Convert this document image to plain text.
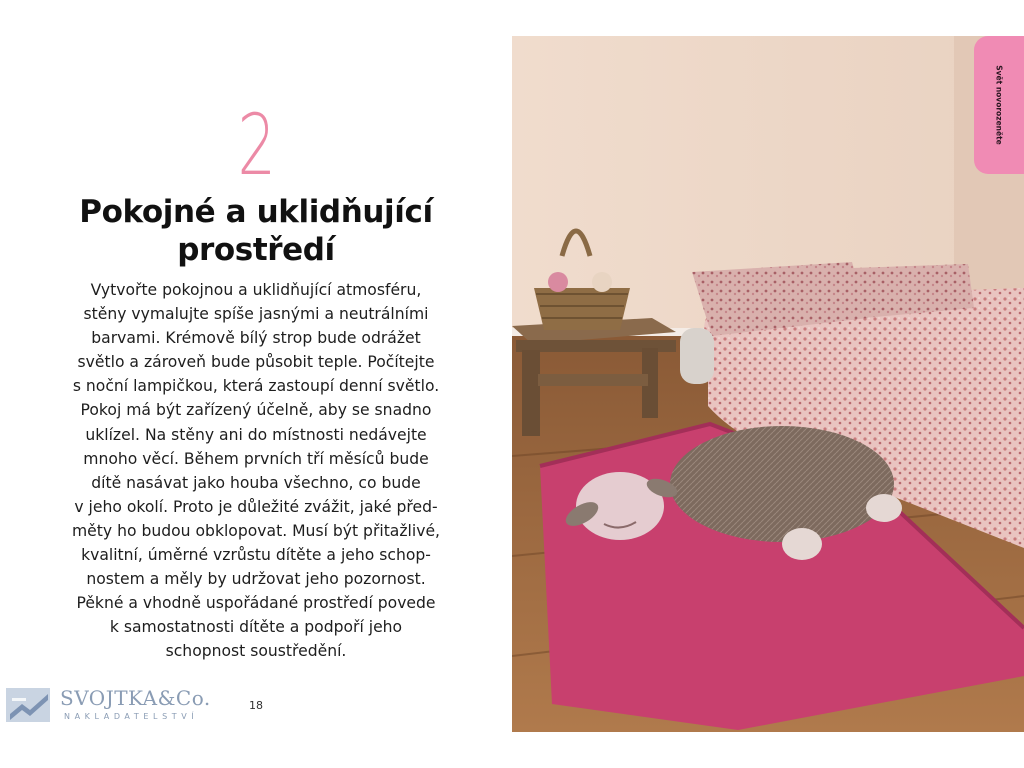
2
Pokojné a uklidňující prostředí

Vytvořte pokojnou a uklidňující atmosféru,
stěny vymalujte spíše jasnými a neutrálními
barvami. Krémově bílý strop bude odrážet
světlo a zároveň bude působit teple. Počítejte
s noční lampičkou, která zastoupí denní světlo.
Pokoj má být zařízený účelně, aby se snadno
uklízel. Na stěny ani do místnosti nedávejte
mnoho věcí. Během prvních tří měsíců bude
dítě nasávat jako houba všechno, co bude
v jeho okolí. Proto je důležité zvážit, jaké před-
měty ho budou obklopovat. Musí být přitažlivé,
kvalitní, úměrné vzrůstu dítěte a jeho schop-
nostem a měly by udržovat jeho pozornost.
Pěkné a vhodně uspořádané prostředí povede
k samostatnosti dítěte a podpoří jeho
schopnost soustředění.

SVOJTKA&Co.
NAKLADATELSTVÍ
18
Svět novorozeněte
